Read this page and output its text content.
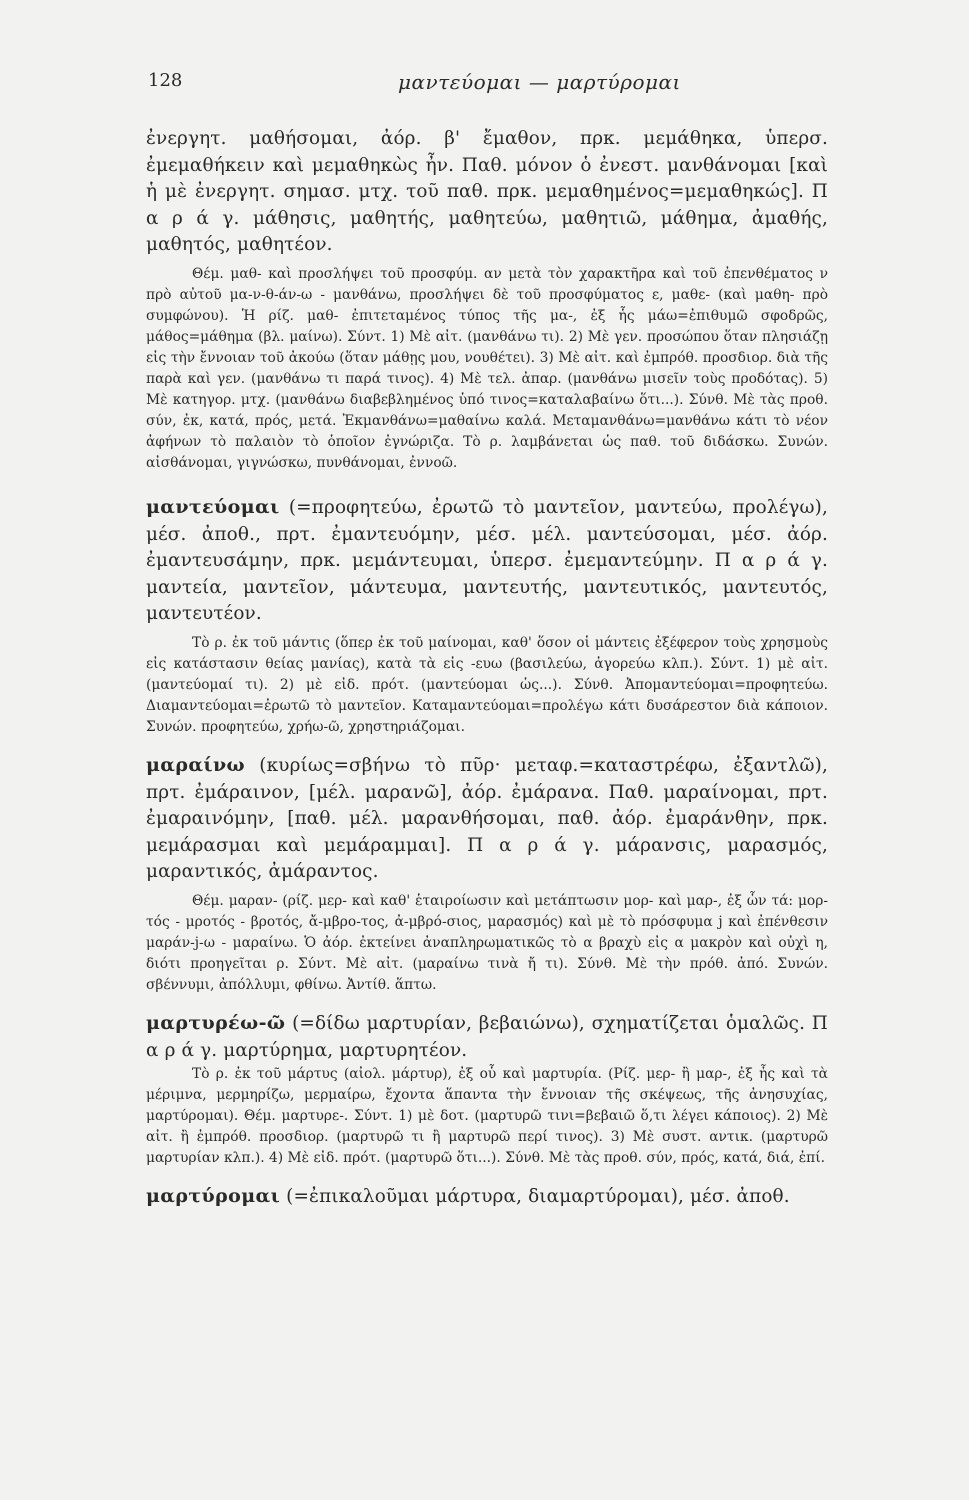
128	μαντεύομαι — μαρτύρομαι

ἐνεργητ. μαθήσομαι, ἀόρ. β' ἔμαθον, πρκ. μεμάθηκα, ὑπερσ. ἐμεμαθήκειν καὶ μεμαθηκὼς ἦν. Παθ. μόνον ὁ ἐνεστ. μανθάνομαι [καὶ ἡ μὲ ἐνεργητ. σημασ. μτχ. τοῦ παθ. πρκ. μεμαθημένος=μεμαθηκώς]. Π α ρ ά γ. μάθησις, μαθητής, μαθητεύω, μαθητιῶ, μάθημα, ἀμαθής, μαθητός, μαθητέον.

Θέμ. μαθ- καὶ προσλήψει τοῦ προσφύμ. αν μετὰ τὸν χαρακτῆρα καὶ τοῦ ἐπενθέματος ν πρὸ αὐτοῦ μα-ν-θ-άν-ω - μανθάνω, προσλήψει δὲ τοῦ προσφύματος ε, μαθε- (καὶ μαθη- πρὸ συμφώνου). Ἡ ρίζ. μαθ- ἐπιτεταμένος τύπος τῆς μα-, ἐξ ἧς μάω=ἐπιθυμῶ σφοδρῶς, μάθος=μάθημα (βλ. μαίνω). Σύντ. 1) Μὲ αἰτ. (μανθάνω τι). 2) Μὲ γεν. προσώπου ὅταν πλησιάζῃ εἰς τὴν ἔννοιαν τοῦ ἀκούω (ὅταν μάθῃς μου, νουθέτει). 3) Μὲ αἰτ. καὶ ἐμπρόθ. προσδιορ. διὰ τῆς παρὰ καὶ γεν. (μανθάνω τι παρά τινος). 4) Μὲ τελ. ἀπαρ. (μανθάνω μισεῖν τοὺς προδότας). 5) Μὲ κατηγορ. μτχ. (μανθάνω διαβεβλημένος ὑπό τινος=καταλαβαίνω ὅτι...). Σύνθ. Μὲ τὰς προθ. σύν, ἐκ, κατά, πρός, μετά. Ἐκμανθάνω=μαθαίνω καλά. Μεταμανθάνω=μανθάνω κάτι τὸ νέον ἀφήνων τὸ παλαιὸν τὸ ὁποῖον ἐγνώριζα. Τὸ ρ. λαμβάνεται ὡς παθ. τοῦ διδάσκω. Συνών. αἰσθάνομαι, γιγνώσκω, πυνθάνομαι, ἐννοῶ.

μαντεύομαι (=προφητεύω, ἐρωτῶ τὸ μαντεῖον, μαντεύω, προλέγω), μέσ. ἀποθ., πρτ. ἐμαντευόμην, μέσ. μέλ. μαντεύσομαι, μέσ. ἀόρ. ἐμαντευσάμην, πρκ. μεμάντευμαι, ὑπερσ. ἐμεμαντεύμην. Π α ρ ά γ. μαντεία, μαντεῖον, μάντευμα, μαντευτής, μαντευτικός, μαντευτός, μαντευτέον.

Τὸ ρ. ἐκ τοῦ μάντις (ὅπερ ἐκ τοῦ μαίνομαι, καθ' ὅσον οἱ μάντεις ἐξέφερον τοὺς χρησμοὺς εἰς κατάστασιν θείας μανίας), κατὰ τὰ εἰς -ευω (βασιλεύω, ἀγορεύω κλπ.). Σύντ. 1) μὲ αἰτ. (μαντεύομαί τι). 2) μὲ εἰδ. πρότ. (μαντεύομαι ὡς...). Σύνθ. Ἀπομαντεύομαι=προφητεύω. Διαμαντεύομαι=ἐρωτῶ τὸ μαντεῖον. Καταμαντεύομαι=προλέγω κάτι δυσάρεστον διὰ κάποιον. Συνών. προφητεύω, χρήω-ῶ, χρηστηριάζομαι.

μαραίνω (κυρίως=σβήνω τὸ πῦρ· μεταφ.=καταστρέφω, ἐξαντλῶ), πρτ. ἐμάραινον, [μέλ. μαρανῶ], ἀόρ. ἐμάρανα. Παθ. μαραίνομαι, πρτ. ἐμαραινόμην, [παθ. μέλ. μαρανθήσομαι, παθ. ἀόρ. ἐμαράνθην, πρκ. μεμάρασμαι καὶ μεμάραμμαι]. Π α ρ ά γ. μάρανσις, μαρασμός, μαραντικός, ἀμάραντος.

Θέμ. μαραν- (ρίζ. μερ- καὶ καθ' ἑταιροίωσιν καὶ μετάπτωσιν μορ- καὶ μαρ-, ἐξ ὧν τά: μορ-τός - μροτός - βροτός, ἄ-μβρο-τος, ἀ-μβρό-σιος, μαρασμός) καὶ μὲ τὸ πρόσφυμα j καὶ ἐπένθεσιν μαράν-j-ω - μαραίνω. Ὁ ἀόρ. ἐκτείνει ἀναπληρωματικῶς τὸ α βραχὺ εἰς α μακρὸν καὶ οὐχὶ η, διότι προηγεῖται ρ. Σύντ. Μὲ αἰτ. (μαραίνω τινὰ ἤ τι). Σύνθ. Μὲ τὴν πρόθ. ἀπό. Συνών. σβέννυμι, ἀπόλλυμι, φθίνω. Ἀντίθ. ἅπτω.

μαρτυρέω-ῶ (=δίδω μαρτυρίαν, βεβαιώνω), σχηματίζεται ὁμαλῶς. Π α ρ ά γ. μαρτύρημα, μαρτυρητέον.

Τὸ ρ. ἐκ τοῦ μάρτυς (αἰολ. μάρτυρ), ἐξ οὗ καὶ μαρτυρία. (Ρίζ. μερ- ἢ μαρ-, ἐξ ἧς καὶ τὰ μέριμνα, μερμηρίζω, μερμαίρω, ἔχοντα ἅπαντα τὴν ἔννοιαν τῆς σκέψεως, τῆς ἀνησυχίας, μαρτύρομαι). Θέμ. μαρτυρε-. Σύντ. 1) μὲ δοτ. (μαρτυρῶ τινι=βεβαιῶ ὅ,τι λέγει κάποιος). 2) Μὲ αἰτ. ἢ ἐμπρόθ. προσδιορ. (μαρτυρῶ τι ἢ μαρτυρῶ περί τινος). 3) Μὲ συστ. αντικ. (μαρτυρῶ μαρτυρίαν κλπ.). 4) Μὲ εἰδ. πρότ. (μαρτυρῶ ὅτι...). Σύνθ. Μὲ τὰς προθ. σύν, πρός, κατά, διά, ἐπί.

μαρτύρομαι (=ἐπικαλοῦμαι μάρτυρα, διαμαρτύρομαι), μέσ. ἀποθ.
